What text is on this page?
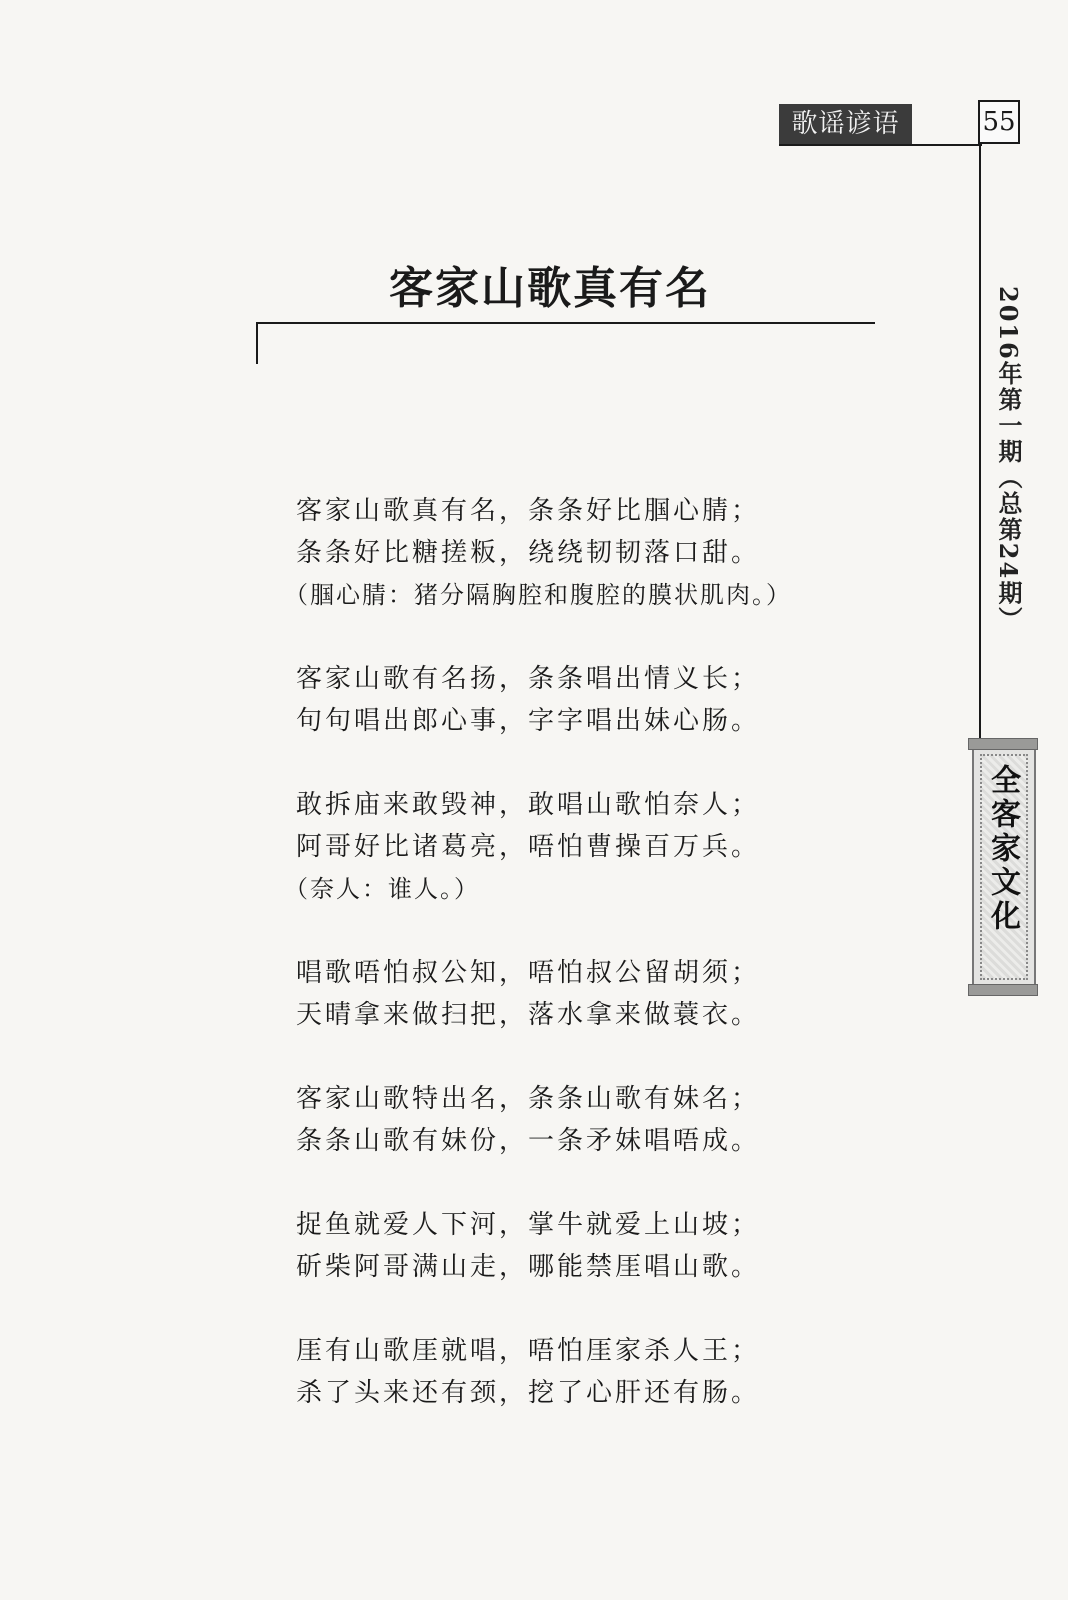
歌谣谚语	55
2016年第一期（总第24期）
全客家文化
客家山歌真有名
客家山歌真有名，条条好比腘心腈；
条条好比糖搓粄，绕绕韧韧落口甜。
（腘心腈：猪分隔胸腔和腹腔的膜状肌肉。）
客家山歌有名扬，条条唱出情义长；
句句唱出郎心事，字字唱出妹心肠。
敢拆庙来敢毁神，敢唱山歌怕奈人；
阿哥好比诸葛亮，唔怕曹操百万兵。
（奈人：谁人。）
唱歌唔怕叔公知，唔怕叔公留胡须；
天晴拿来做扫把，落水拿来做蓑衣。
客家山歌特出名，条条山歌有妹名；
条条山歌有妹份，一条矛妹唱唔成。
捉鱼就爱人下河，掌牛就爱上山坡；
斫柴阿哥满山走，哪能禁厓唱山歌。
厓有山歌厓就唱，唔怕厓家杀人王；
杀了头来还有颈，挖了心肝还有肠。
